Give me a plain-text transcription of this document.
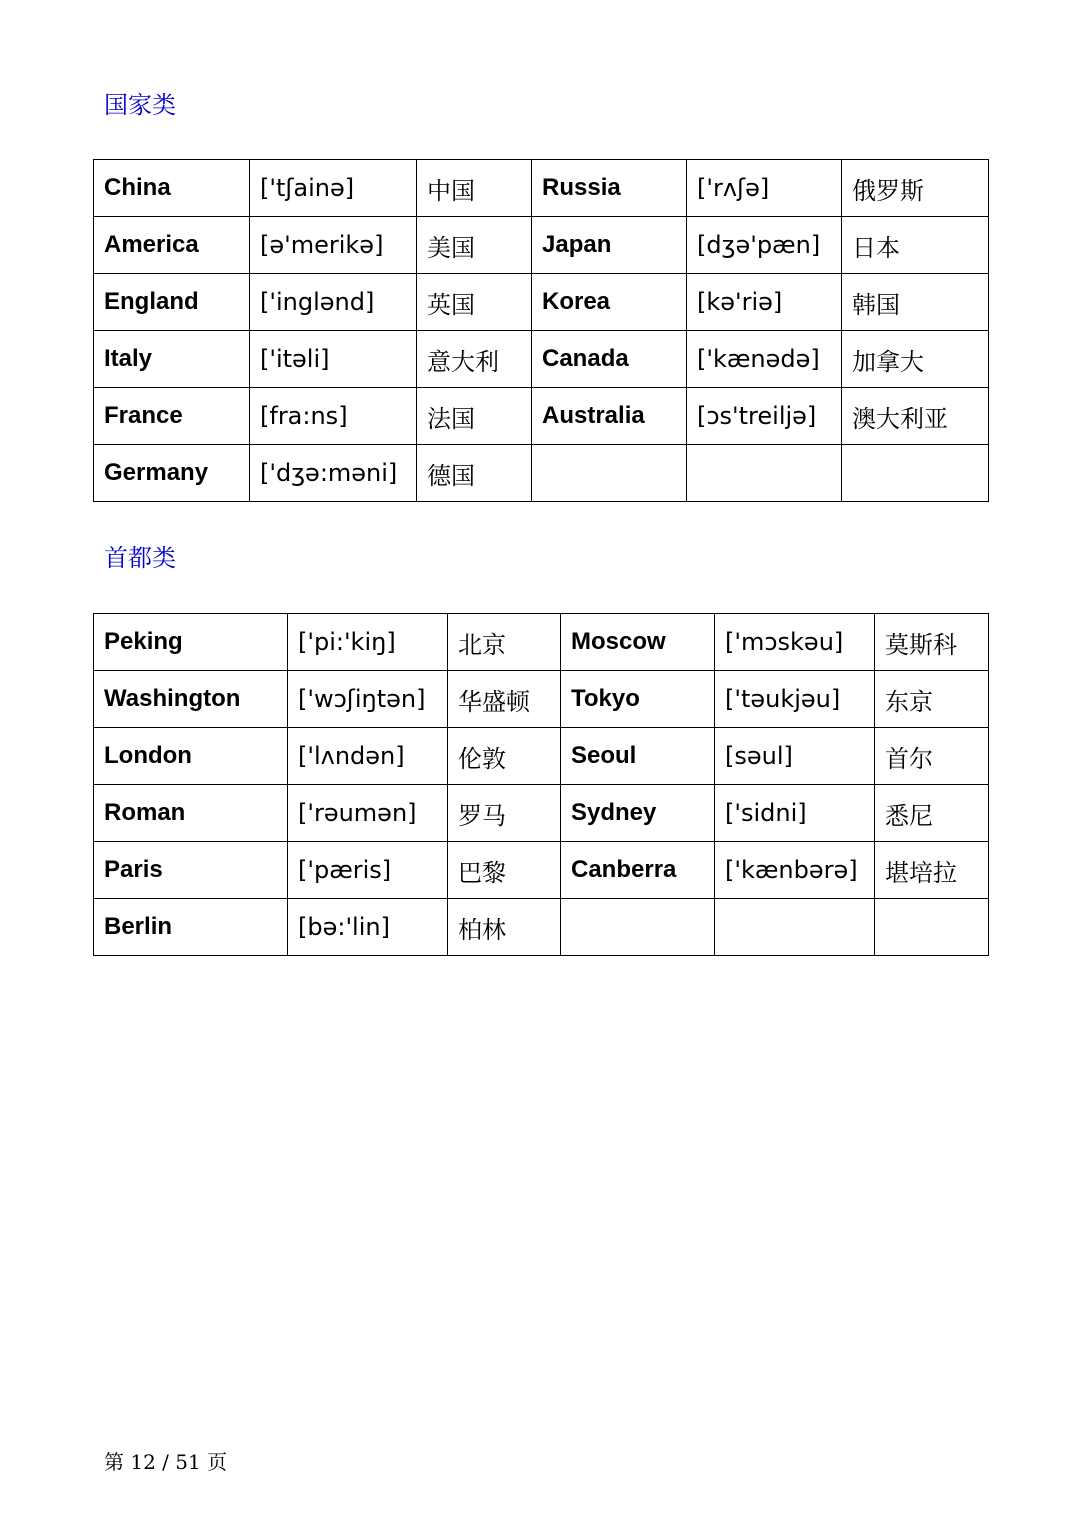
国家类
China	['tʃainə]	中国	Russia	['rʌʃə]	俄罗斯
America	[ə'merikə]	美国	Japan	[dʒə'pæn]	日本
England	['inglənd]	英国	Korea	[kə'riə]	韩国
Italy	['itəli]	意大利	Canada	['kænədə]	加拿大
France	[fra:ns]	法国	Australia	[ɔs'treiljə]	澳大利亚
Germany	['dʒə:məni]	德国			
首都类
Peking	['pi:'kiŋ]	北京	Moscow	['mɔskəu]	莫斯科
Washington	['wɔʃiŋtən]	华盛顿	Tokyo	['təukjəu]	东京
London	['lʌndən]	伦敦	Seoul	[səul]	首尔
Roman	['rəumən]	罗马	Sydney	['sidni]	悉尼
Paris	['pæris]	巴黎	Canberra	['kænbərə]	堪培拉
Berlin	[bə:'lin]	柏林			
第 12 / 51 页
